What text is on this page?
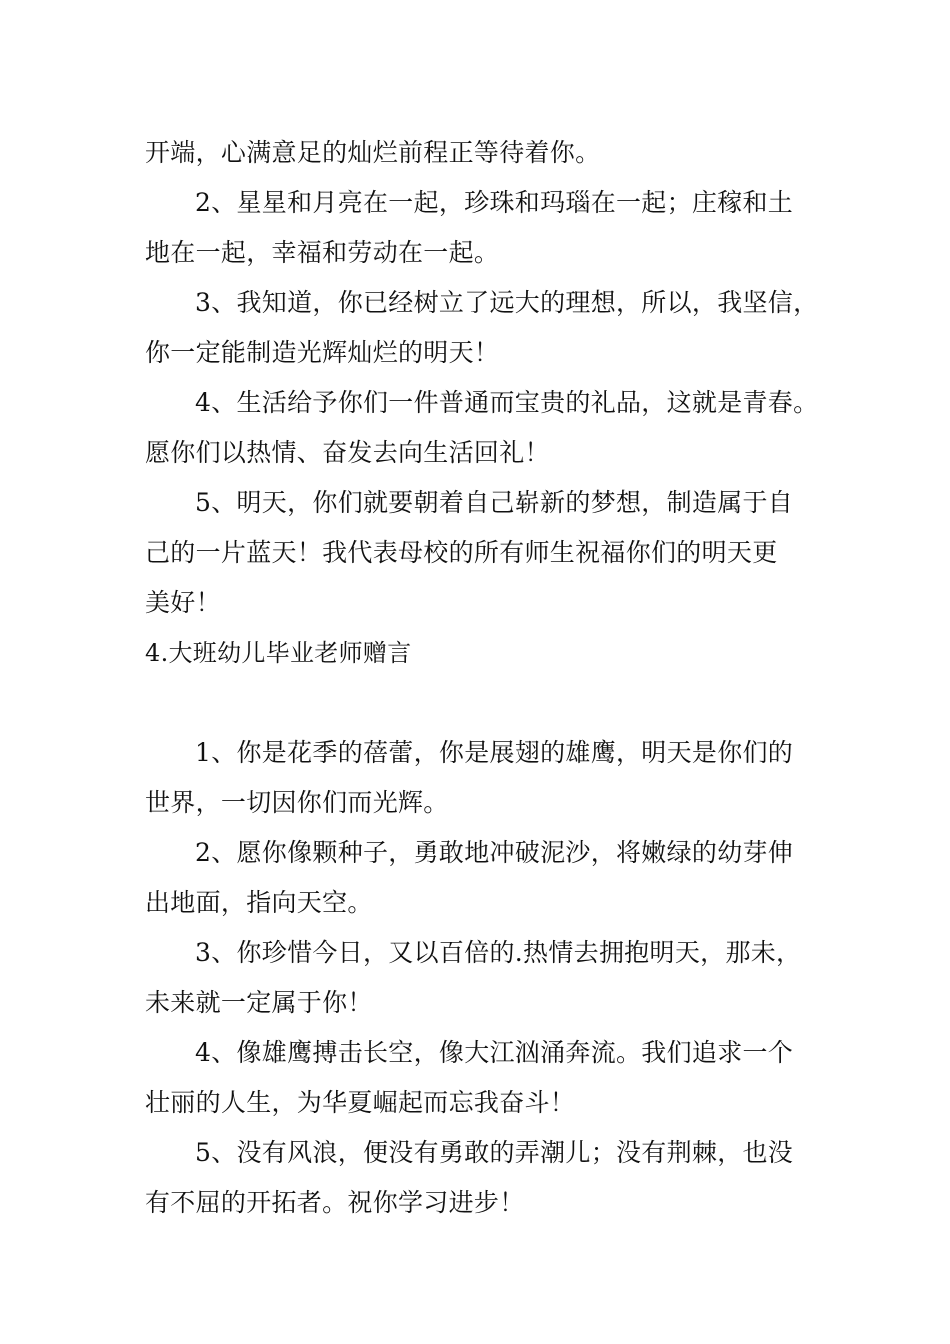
开端，心满意足的灿烂前程正等待着你。
2、星星和月亮在一起，珍珠和玛瑙在一起；庄稼和土
地在一起，幸福和劳动在一起。
3、我知道，你已经树立了远大的理想，所以，我坚信，
你一定能制造光辉灿烂的明天！
4、生活给予你们一件普通而宝贵的礼品，这就是青春。
愿你们以热情、奋发去向生活回礼！
5、明天，你们就要朝着自己崭新的梦想，制造属于自
己的一片蓝天！我代表母校的所有师生祝福你们的明天更
美好！
4.大班幼儿毕业老师赠言
1、你是花季的蓓蕾，你是展翅的雄鹰，明天是你们的
世界，一切因你们而光辉。
2、愿你像颗种子，勇敢地冲破泥沙，将嫩绿的幼芽伸
出地面，指向天空。
3、你珍惜今日，又以百倍的.热情去拥抱明天，那未，
未来就一定属于你！
4、像雄鹰搏击长空，像大江汹涌奔流。我们追求一个
壮丽的人生，为华夏崛起而忘我奋斗！
5、没有风浪，便没有勇敢的弄潮儿；没有荆棘，也没
有不屈的开拓者。祝你学习进步！
